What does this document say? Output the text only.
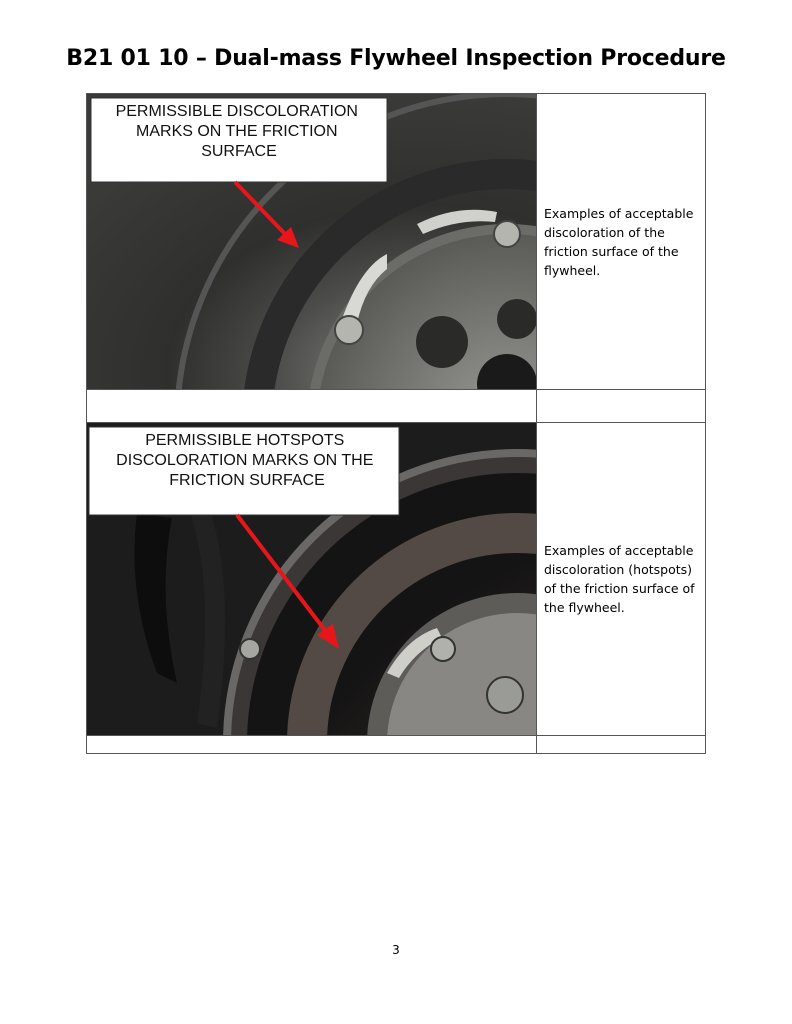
B21 01 10 – Dual-mass Flywheel Inspection Procedure
PERMISSIBLE DISCOLORATION MARKS ON THE FRICTION SURFACE	Examples of acceptable discoloration of the friction surface of the flywheel.

PERMISSIBLE HOTSPOTS DISCOLORATION MARKS ON THE FRICTION SURFACE	Examples of acceptable discoloration (hotspots) of the friction surface of the flywheel.

3
